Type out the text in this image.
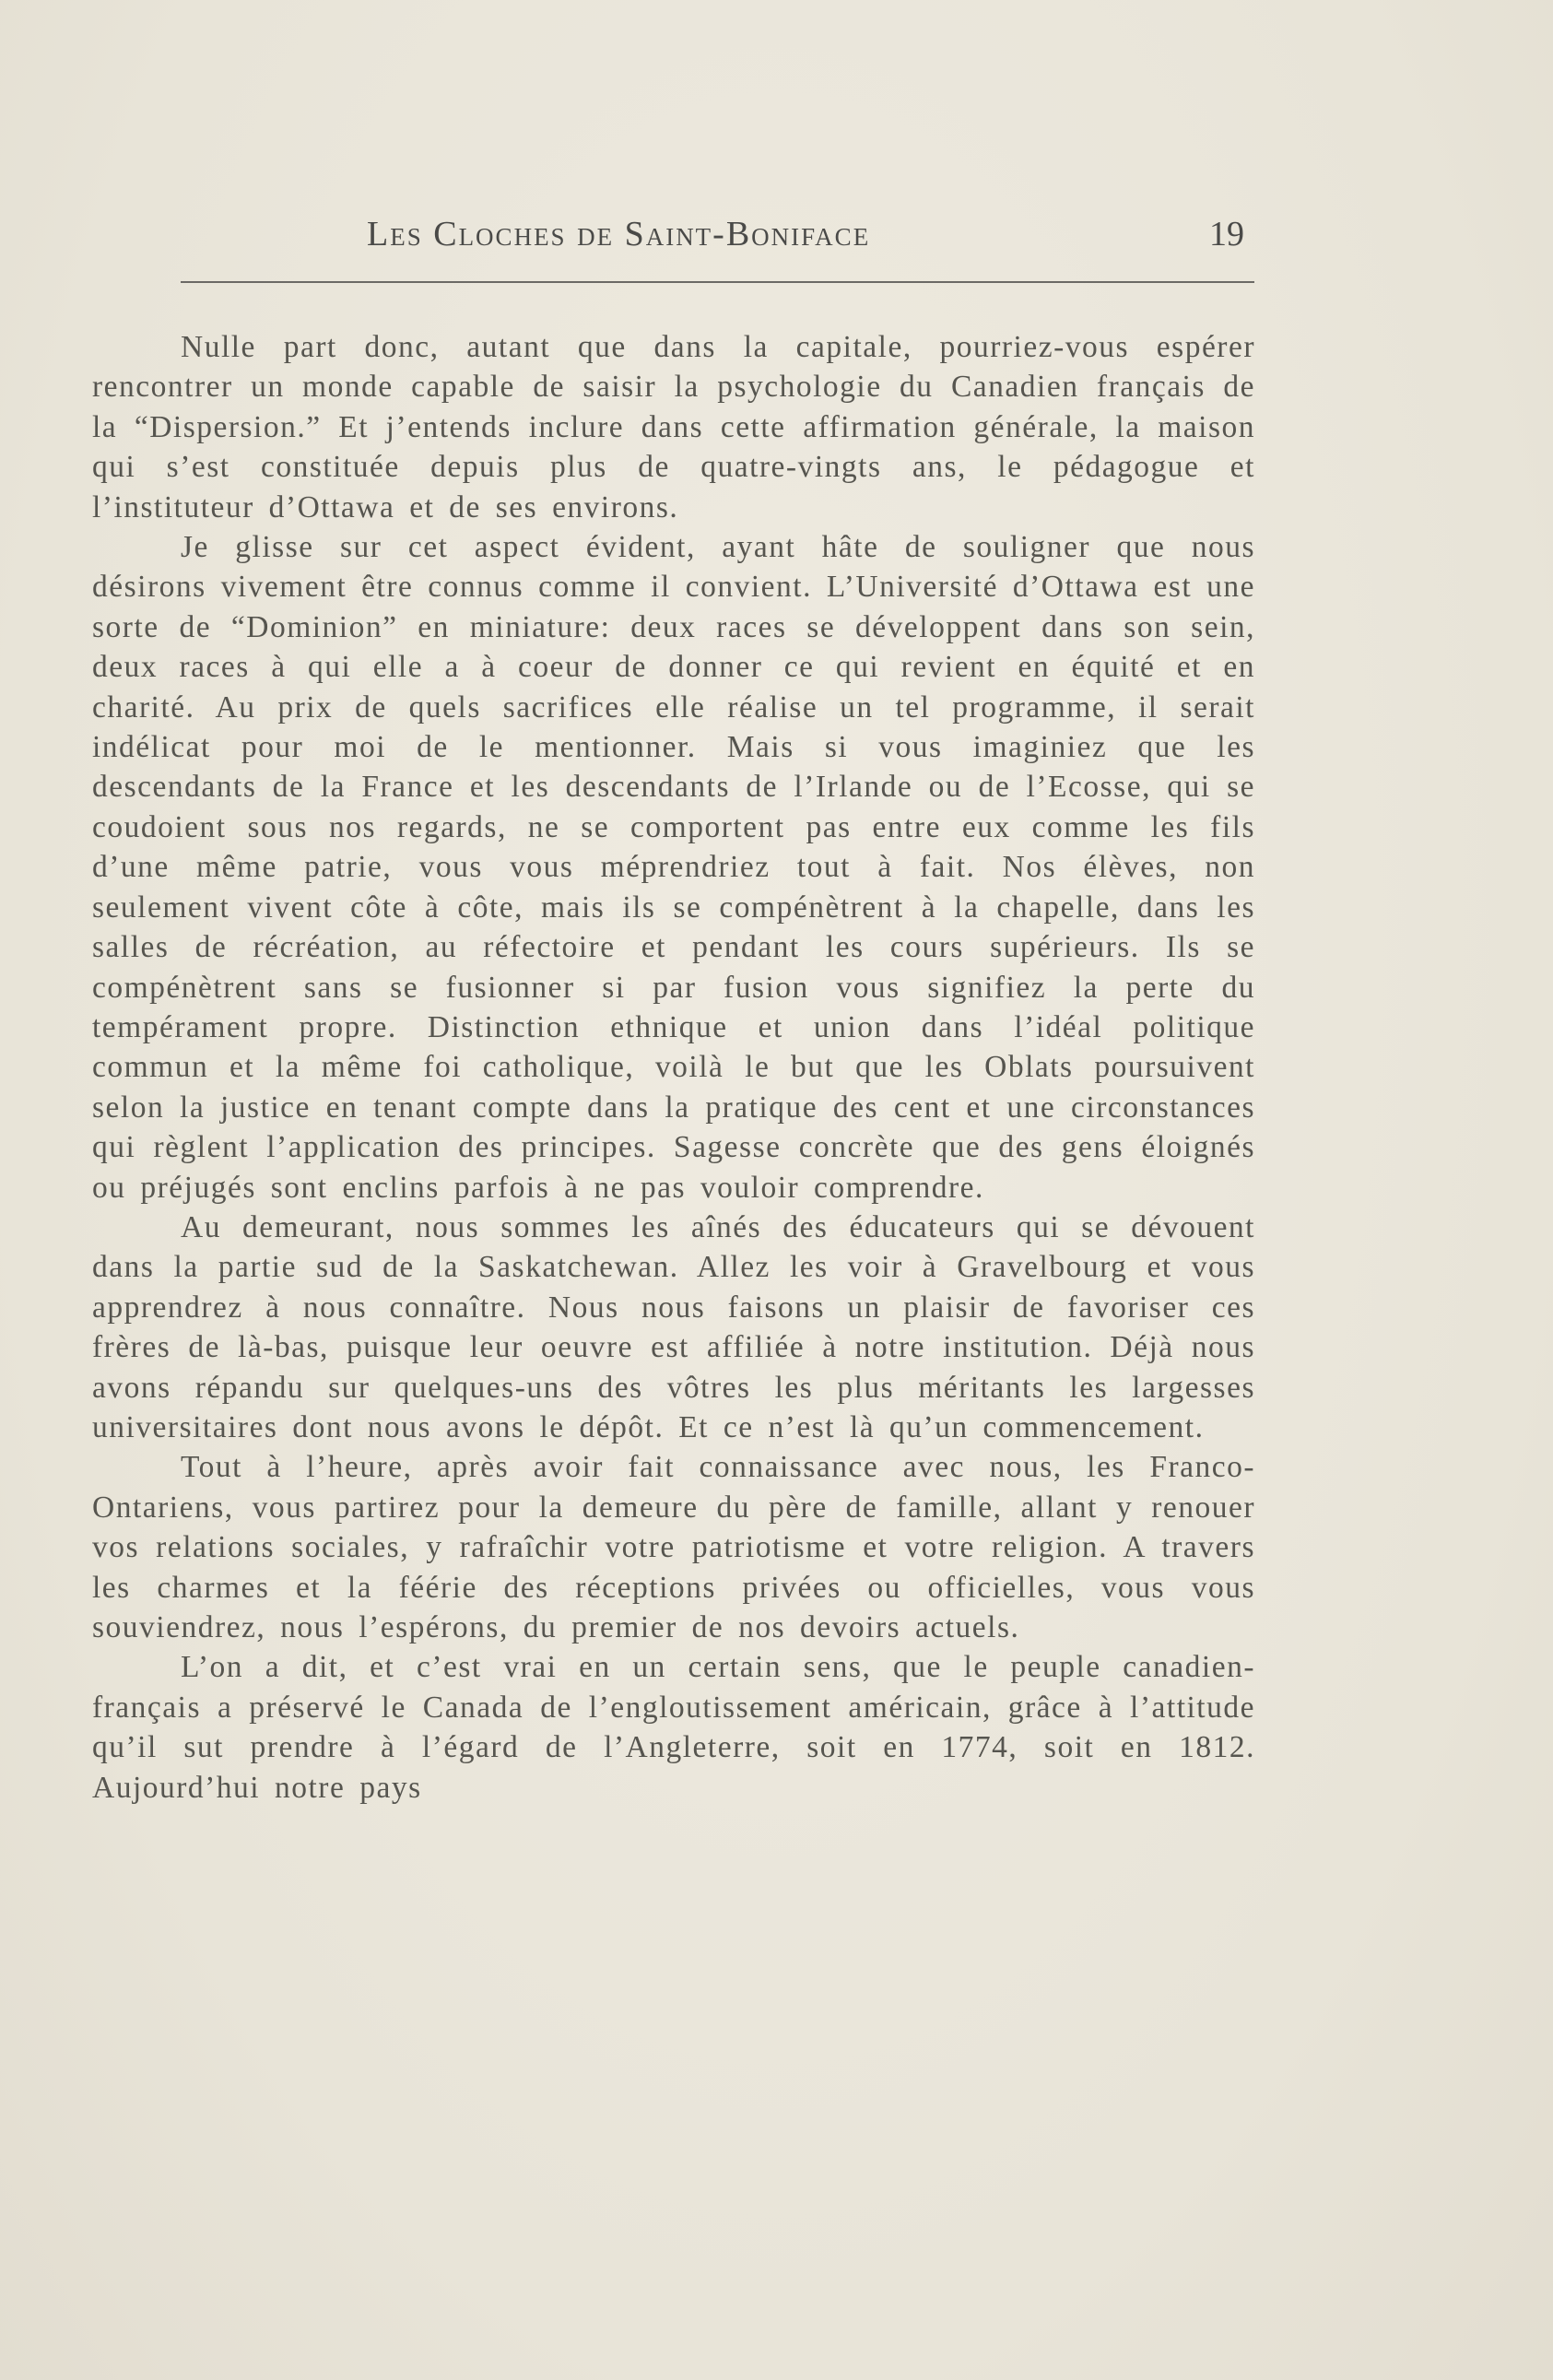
Les Cloches de Saint-Boniface	19

Nulle part donc, autant que dans la capitale, pourriez-vous espérer rencontrer un monde capable de saisir la psychologie du Canadien français de la “Dispersion.” Et j’entends inclure dans cette affirmation générale, la maison qui s’est constituée depuis plus de quatre-vingts ans, le pédagogue et l’instituteur d’Ottawa et de ses environs.

Je glisse sur cet aspect évident, ayant hâte de souligner que nous désirons vivement être connus comme il convient. L’Université d’Ottawa est une sorte de “Dominion” en miniature: deux races se développent dans son sein, deux races à qui elle a à coeur de donner ce qui revient en équité et en charité. Au prix de quels sacrifices elle réalise un tel programme, il serait indélicat pour moi de le mentionner. Mais si vous imaginiez que les descendants de la France et les descendants de l’Irlande ou de l’Ecosse, qui se coudoient sous nos regards, ne se comportent pas entre eux comme les fils d’une même patrie, vous vous méprendriez tout à fait. Nos élèves, non seulement vivent côte à côte, mais ils se compénètrent à la chapelle, dans les salles de récréation, au réfectoire et pendant les cours supérieurs. Ils se compénètrent sans se fusionner si par fusion vous signifiez la perte du tempérament propre. Distinction ethnique et union dans l’idéal politique commun et la même foi catholique, voilà le but que les Oblats poursuivent selon la justice en tenant compte dans la pratique des cent et une circonstances qui règlent l’application des principes. Sagesse concrète que des gens éloignés ou préjugés sont enclins parfois à ne pas vouloir comprendre.

Au demeurant, nous sommes les aînés des éducateurs qui se dévouent dans la partie sud de la Saskatchewan. Allez les voir à Gravelbourg et vous apprendrez à nous connaître. Nous nous faisons un plaisir de favoriser ces frères de là-bas, puisque leur oeuvre est affiliée à notre institution. Déjà nous avons répandu sur quelques-uns des vôtres les plus méritants les largesses universitaires dont nous avons le dépôt. Et ce n’est là qu’un commencement.

Tout à l’heure, après avoir fait connaissance avec nous, les Franco-Ontariens, vous partirez pour la demeure du père de famille, allant y renouer vos relations sociales, y rafraîchir votre patriotisme et votre religion. A travers les charmes et la féérie des réceptions privées ou officielles, vous vous souviendrez, nous l’espérons, du premier de nos devoirs actuels.

L’on a dit, et c’est vrai en un certain sens, que le peuple canadien-français a préservé le Canada de l’engloutissement américain, grâce à l’attitude qu’il sut prendre à l’égard de l’Angleterre, soit en 1774, soit en 1812. Aujourd’hui notre pays
